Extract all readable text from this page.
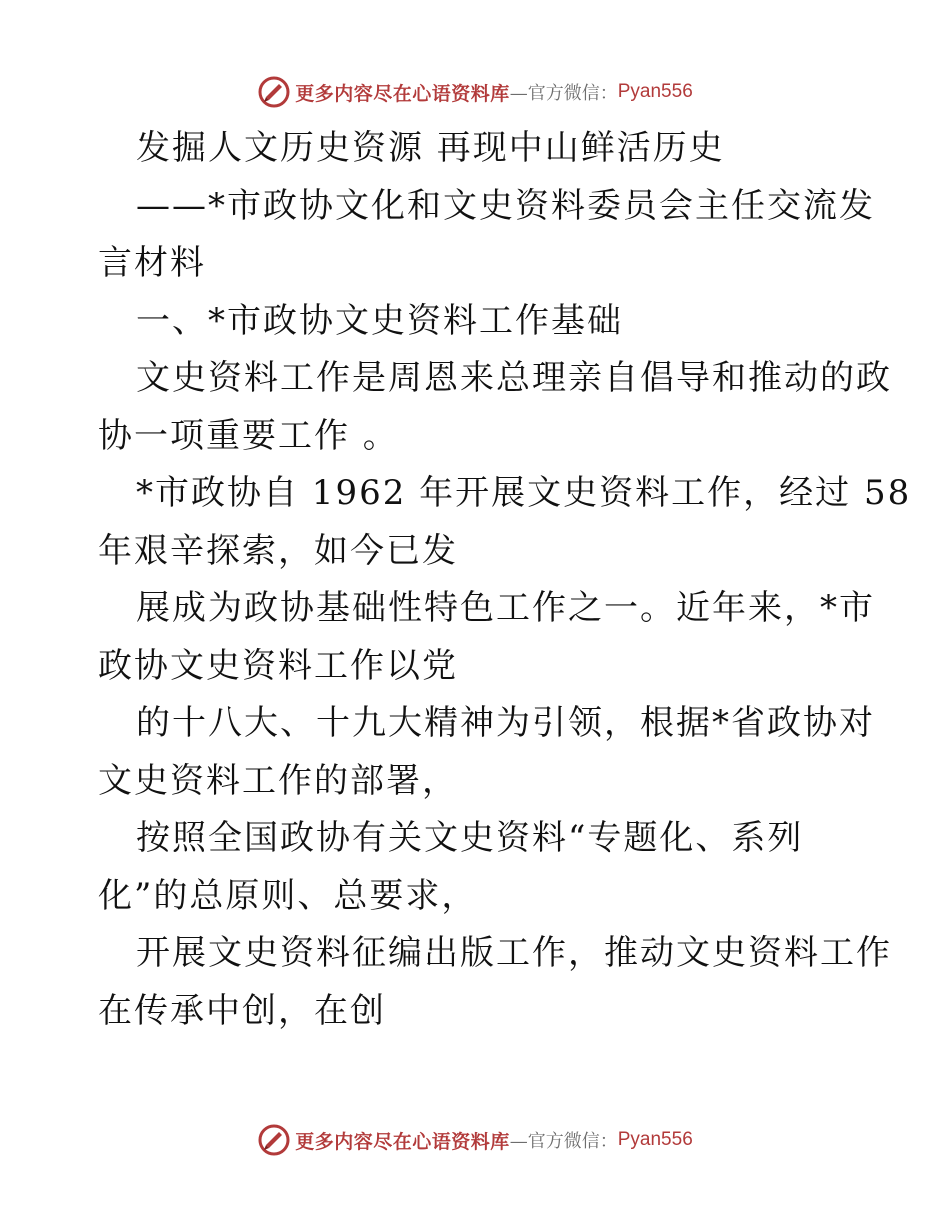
更多内容尽在心语资料库 —官方微信： Pyan556
发掘人文历史资源 再现中山鲜活历史
——*市政协文化和文史资料委员会主任交流发
言材料
一、*市政协文史资料工作基础
文史资料工作是周恩来总理亲自倡导和推动的政
协一项重要工作 。
*市政协自 1962 年开展文史资料工作，经过 58
年艰辛探索，如今已发
展成为政协基础性特色工作之一。近年来，*市
政协文史资料工作以党
的十八大、十九大精神为引领，根据*省政协对
文史资料工作的部署，
按照全国政协有关文史资料“专题化、系列
化”的总原则、总要求，
开展文史资料征编出版工作，推动文史资料工作
在传承中创，在创
更多内容尽在心语资料库 —官方微信： Pyan556
